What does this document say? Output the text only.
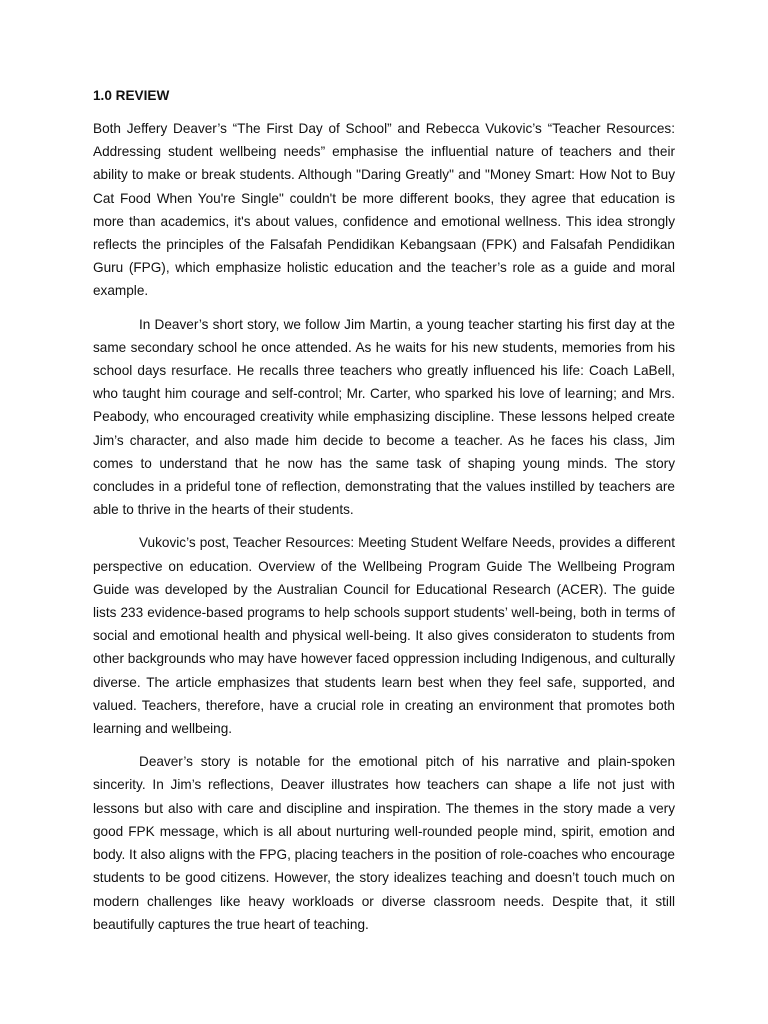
1.0 REVIEW

Both Jeffery Deaver’s “The First Day of School” and Rebecca Vukovic’s “Teacher Resources: Addressing student wellbeing needs” emphasise the influential nature of teachers and their ability to make or break students. Although "Daring Greatly" and "Money Smart: How Not to Buy Cat Food When You're Single" couldn't be more different books, they agree that education is more than academics, it's about values, confidence and emotional wellness. This idea strongly reflects the principles of the Falsafah Pendidikan Kebangsaan (FPK) and Falsafah Pendidikan Guru (FPG), which emphasize holistic education and the teacher’s role as a guide and moral example.

In Deaver’s short story, we follow Jim Martin, a young teacher starting his first day at the same secondary school he once attended. As he waits for his new students, memories from his school days resurface. He recalls three teachers who greatly influenced his life: Coach LaBell, who taught him courage and self-control; Mr. Carter, who sparked his love of learning; and Mrs. Peabody, who encouraged creativity while emphasizing discipline. These lessons helped create Jim’s character, and also made him decide to become a teacher. As he faces his class, Jim comes to understand that he now has the same task of shaping young minds. The story concludes in a prideful tone of reflection, demonstrating that the values instilled by teachers are able to thrive in the hearts of their students.

Vukovic’s post, Teacher Resources: Meeting Student Welfare Needs, provides a different perspective on education. Overview of the Wellbeing Program Guide The Wellbeing Program Guide was developed by the Australian Council for Educational Research (ACER). The guide lists 233 evidence-based programs to help schools support students’ well-being, both in terms of social and emotional health and physical well-being. It also gives consideraton to students from other backgrounds who may have however faced oppression including Indigenous, and culturally diverse. The article emphasizes that students learn best when they feel safe, supported, and valued. Teachers, therefore, have a crucial role in creating an environment that promotes both learning and wellbeing.

Deaver’s story is notable for the emotional pitch of his narrative and plain-spoken sincerity. In Jim’s reflections, Deaver illustrates how teachers can shape a life not just with lessons but also with care and discipline and inspiration. The themes in the story made a very good FPK message, which is all about nurturing well-rounded people mind, spirit, emotion and body. It also aligns with the FPG, placing teachers in the position of role-coaches who encourage students to be good citizens. However, the story idealizes teaching and doesn’t touch much on modern challenges like heavy workloads or diverse classroom needs. Despite that, it still beautifully captures the true heart of teaching.
